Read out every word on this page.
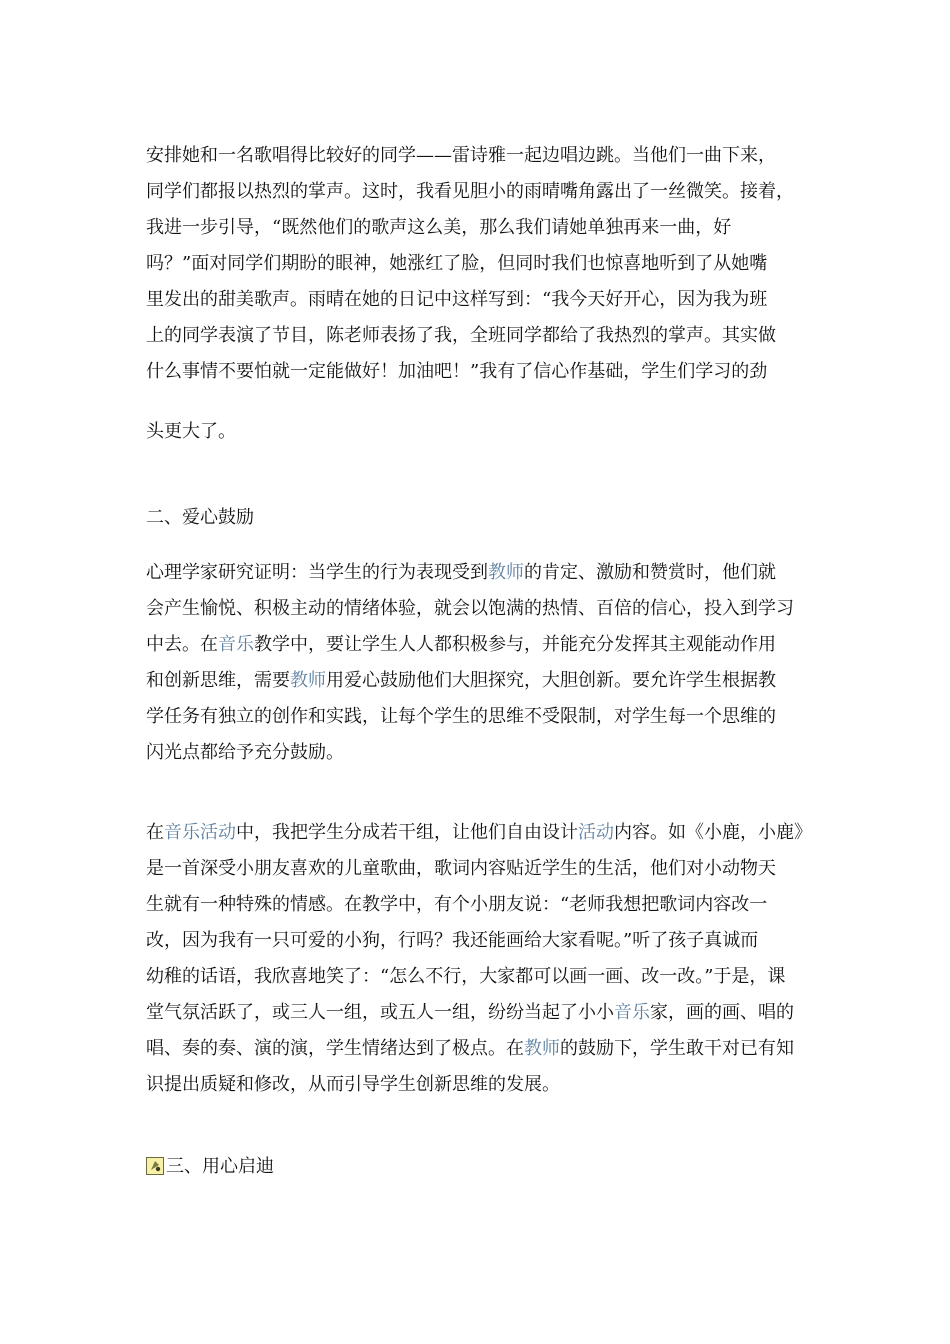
安排她和一名歌唱得比较好的同学——雷诗雅一起边唱边跳。当他们一曲下来，
同学们都报以热烈的掌声。这时，我看见胆小的雨晴嘴角露出了一丝微笑。接着，
我进一步引导，“既然他们的歌声这么美，那么我们请她单独再来一曲，好
吗？”面对同学们期盼的眼神，她涨红了脸，但同时我们也惊喜地听到了从她嘴
里发出的甜美歌声。雨晴在她的日记中这样写到：“我今天好开心，因为我为班
上的同学表演了节目，陈老师表扬了我，全班同学都给了我热烈的掌声。其实做
什么事情不要怕就一定能做好！加油吧！”我有了信心作基础，学生们学习的劲
头更大了。
二、爱心鼓励
心理学家研究证明：当学生的行为表现受到教师的肯定、激励和赞赏时，他们就
会产生愉悦、积极主动的情绪体验，就会以饱满的热情、百倍的信心，投入到学习
中去。在音乐教学中，要让学生人人都积极参与，并能充分发挥其主观能动作用
和创新思维，需要教师用爱心鼓励他们大胆探究，大胆创新。要允许学生根据教
学任务有独立的创作和实践，让每个学生的思维不受限制，对学生每一个思维的
闪光点都给予充分鼓励。
在音乐活动中，我把学生分成若干组，让他们自由设计活动内容。如《小鹿，小鹿》
是一首深受小朋友喜欢的儿童歌曲，歌词内容贴近学生的生活，他们对小动物天
生就有一种特殊的情感。在教学中，有个小朋友说：“老师我想把歌词内容改一
改，因为我有一只可爱的小狗，行吗？我还能画给大家看呢。”听了孩子真诚而
幼稚的话语，我欣喜地笑了：“怎么不行，大家都可以画一画、改一改。”于是，课
堂气氛活跃了，或三人一组，或五人一组，纷纷当起了小小音乐家，画的画、唱的
唱、奏的奏、演的演，学生情绪达到了极点。在教师的鼓励下，学生敢干对已有知
识提出质疑和修改，从而引导学生创新思维的发展。
三、用心启迪
